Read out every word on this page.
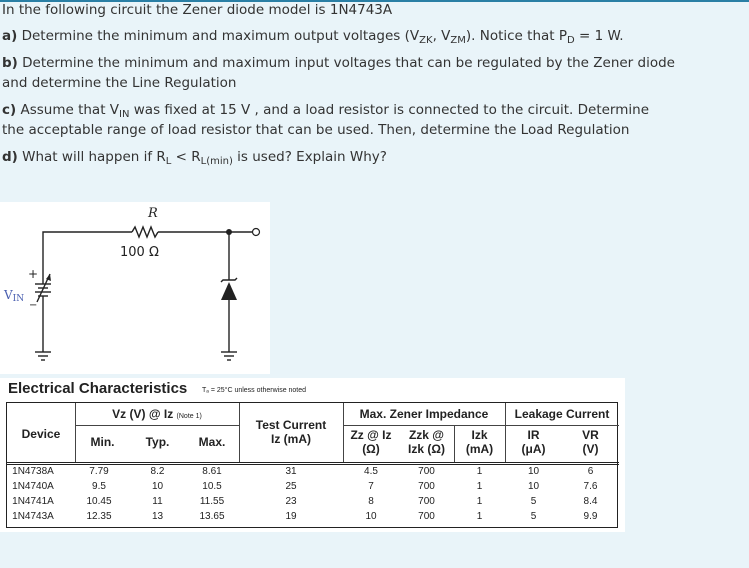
In the following circuit the Zener diode model is 1N4743A
a) Determine the minimum and maximum output voltages ($V_{ZK}$, $V_{ZM}$). Notice that $P_D = 1$ W.
b) Determine the minimum and maximum input voltages that can be regulated by the Zener diode
and determine the Line Regulation
c) Assume that $V_{IN}$ was fixed at 15 V , and a load resistor is connected to the circuit. Determine
the acceptable range of load resistor that can be used. Then, determine the Load Regulation
d) What will happen if $R_L < R_{L(min)}$ is used? Explain Why?
R
100 Ω
+
−
VIN
Electrical Characteristics Tₐ = 25°C unless otherwise noted
Device
Vz (V) @ Iz (Note 1)
Min.	Typ.	Max.
Test Current
Iz (mA)
Max. Zener Impedance
Zz @ Iz
(Ω)
Zzk @
Izk (Ω)
Izk
(mA)
Leakage Current
IR
(μA)
VR
(V)
1N4738A	7.79	8.2	8.61	31	4.5	700	1	10	6
1N4740A	9.5	10	10.5	25	7	700	1	10	7.6
1N4741A	10.45	11	11.55	23	8	700	1	5	8.4
1N4743A	12.35	13	13.65	19	10	700	1	5	9.9
